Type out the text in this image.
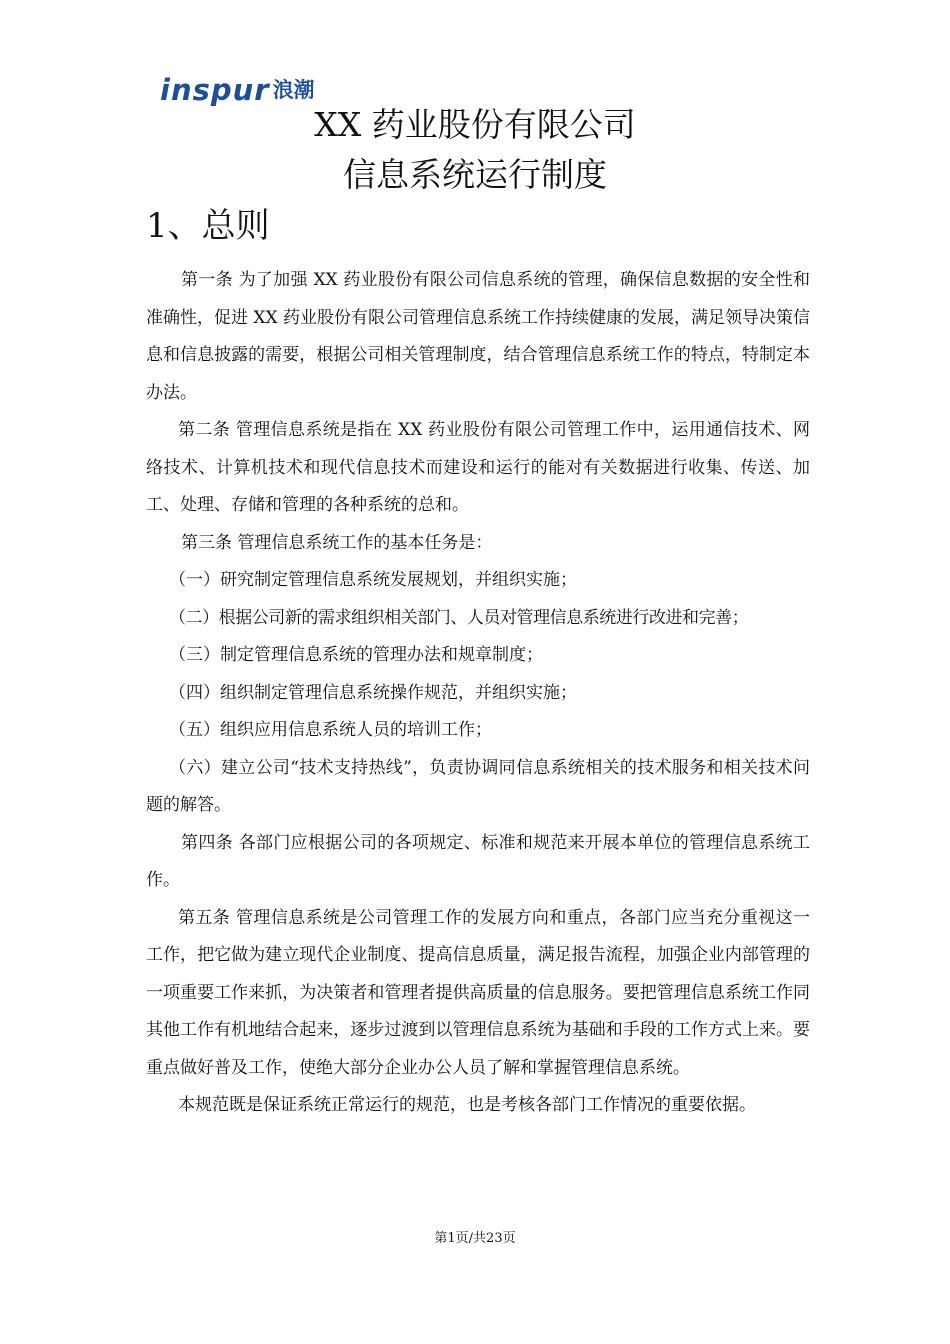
inspur 浪潮
XX 药业股份有限公司
信息系统运行制度
1、总则

第一条 为了加强 XX 药业股份有限公司信息系统的管理，确保信息数据的安全性和准确性，促进 XX 药业股份有限公司管理信息系统工作持续健康的发展，满足领导决策信息和信息披露的需要，根据公司相关管理制度，结合管理信息系统工作的特点，特制定本办法。

第二条 管理信息系统是指在 XX 药业股份有限公司管理工作中，运用通信技术、网络技术、计算机技术和现代信息技术而建设和运行的能对有关数据进行收集、传送、加工、处理、存储和管理的各种系统的总和。

第三条 管理信息系统工作的基本任务是：

（一）研究制定管理信息系统发展规划，并组织实施；

（二）根据公司新的需求组织相关部门、人员对管理信息系统进行改进和完善；

（三）制定管理信息系统的管理办法和规章制度；

（四）组织制定管理信息系统操作规范，并组织实施；

（五）组织应用信息系统人员的培训工作；

（六）建立公司“技术支持热线”，负责协调同信息系统相关的技术服务和相关技术问题的解答。

第四条 各部门应根据公司的各项规定、标准和规范来开展本单位的管理信息系统工作。

第五条 管理信息系统是公司管理工作的发展方向和重点，各部门应当充分重视这一工作，把它做为建立现代企业制度、提高信息质量，满足报告流程，加强企业内部管理的一项重要工作来抓，为决策者和管理者提供高质量的信息服务。要把管理信息系统工作同其他工作有机地结合起来，逐步过渡到以管理信息系统为基础和手段的工作方式上来。要重点做好普及工作，使绝大部分企业办公人员了解和掌握管理信息系统。

本规范既是保证系统正常运行的规范，也是考核各部门工作情况的重要依据。

第1页/共23页
